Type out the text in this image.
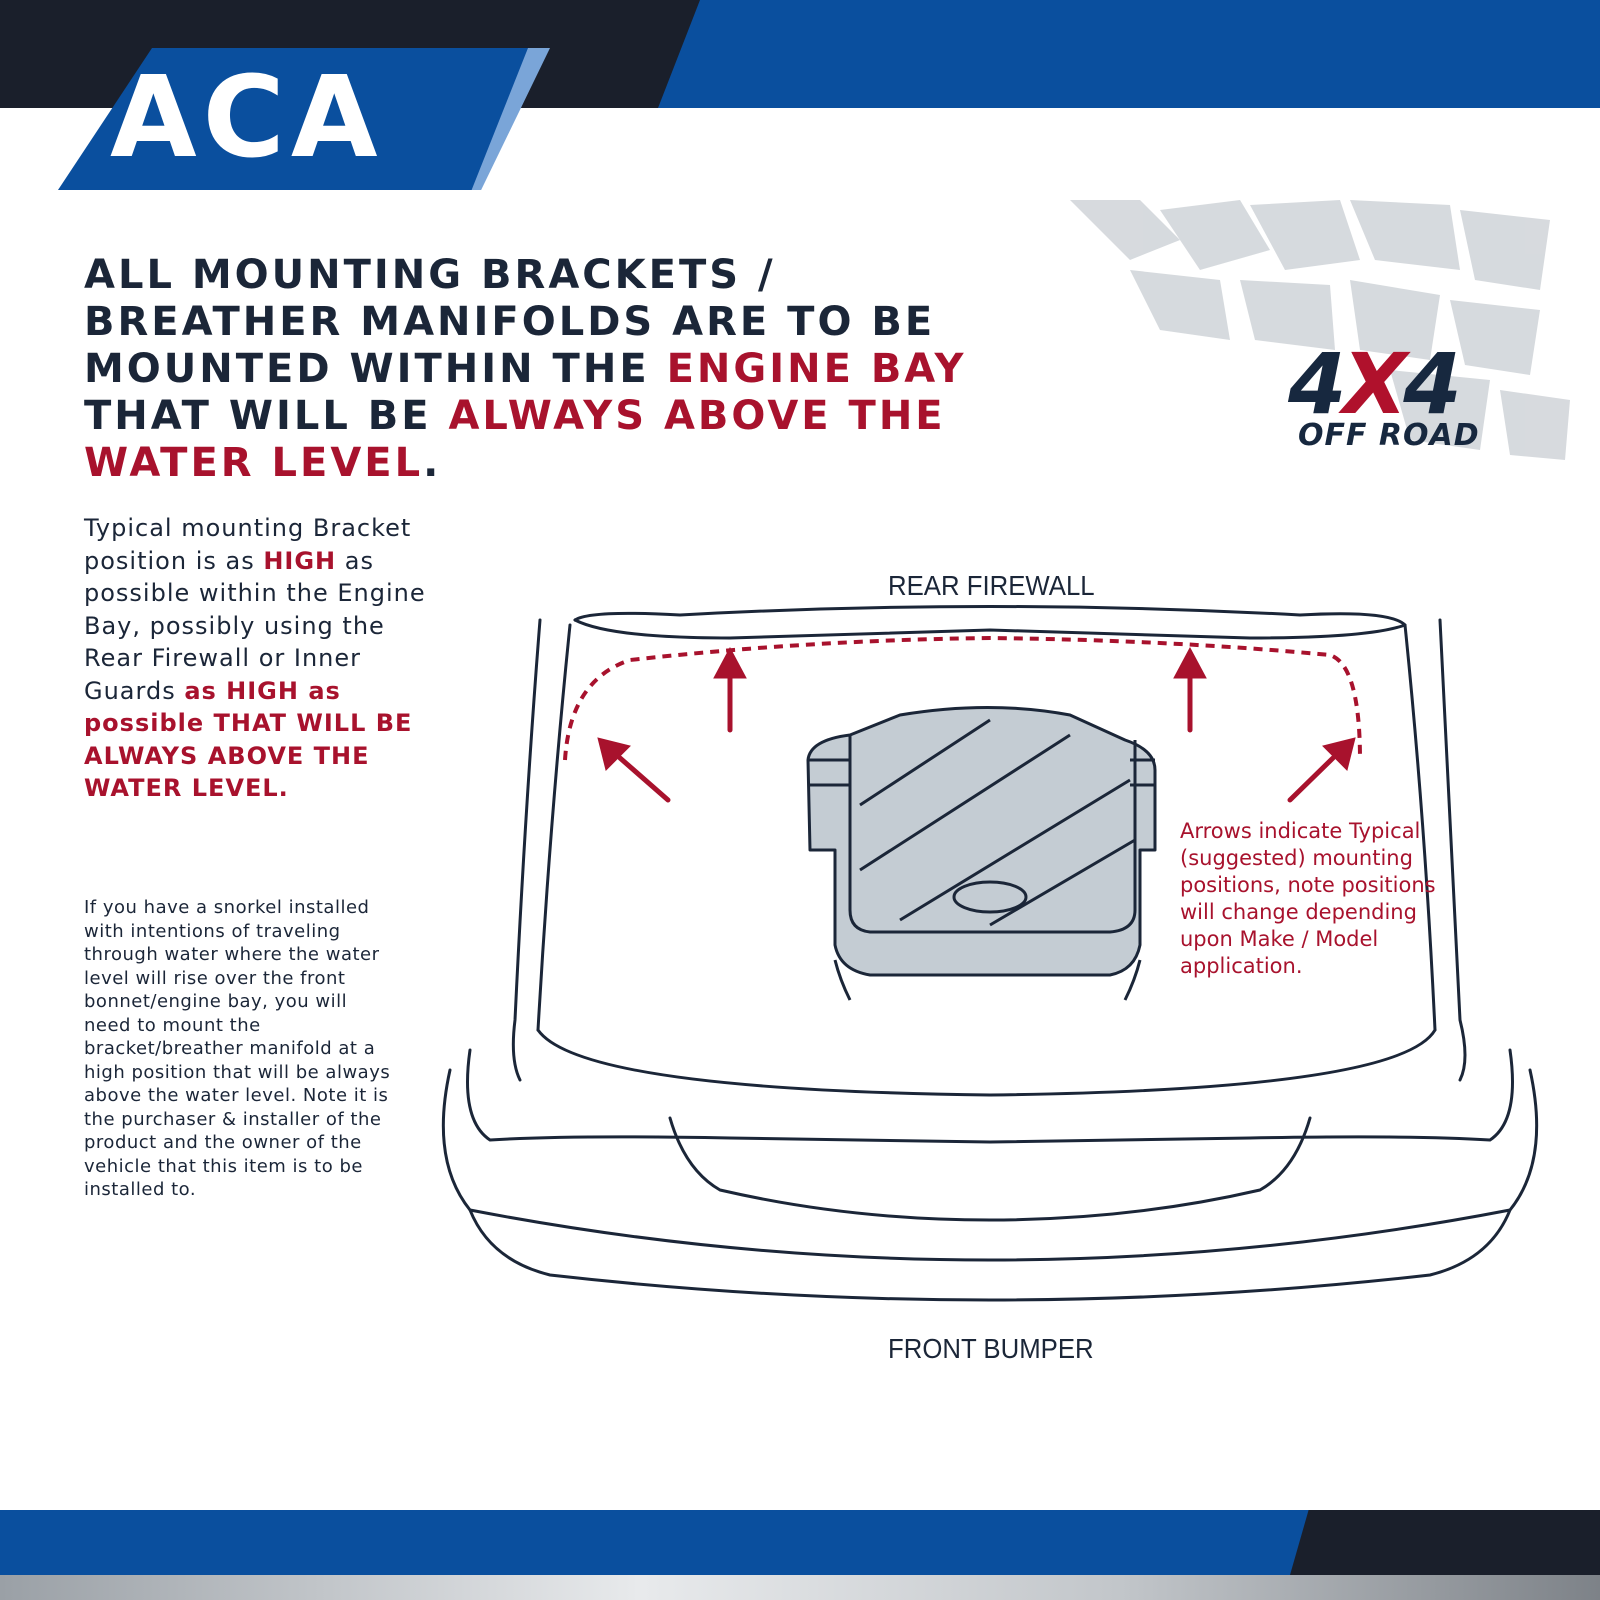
ACA
4X4
OFF ROAD
ALL MOUNTING BRACKETS / BREATHER MANIFOLDS ARE TO BE MOUNTED WITHIN THE ENGINE BAY THAT WILL BE ALWAYS ABOVE THE WATER LEVEL.

Typical mounting Bracket position is as HIGH as possible within the Engine Bay, possibly using the Rear Firewall or Inner Guards as HIGH as possible THAT WILL BE ALWAYS ABOVE THE WATER LEVEL.

If you have a snorkel installed with intentions of traveling through water where the water level will rise over the front bonnet/engine bay, you will need to mount the bracket/breather manifold at a high position that will be always above the water level. Note it is the purchaser & installer of the product and the owner of the vehicle that this item is to be installed to.

REAR FIREWALL

Arrows indicate Typical (suggested) mounting positions, note positions will change depending upon Make / Model application.

FRONT BUMPER
